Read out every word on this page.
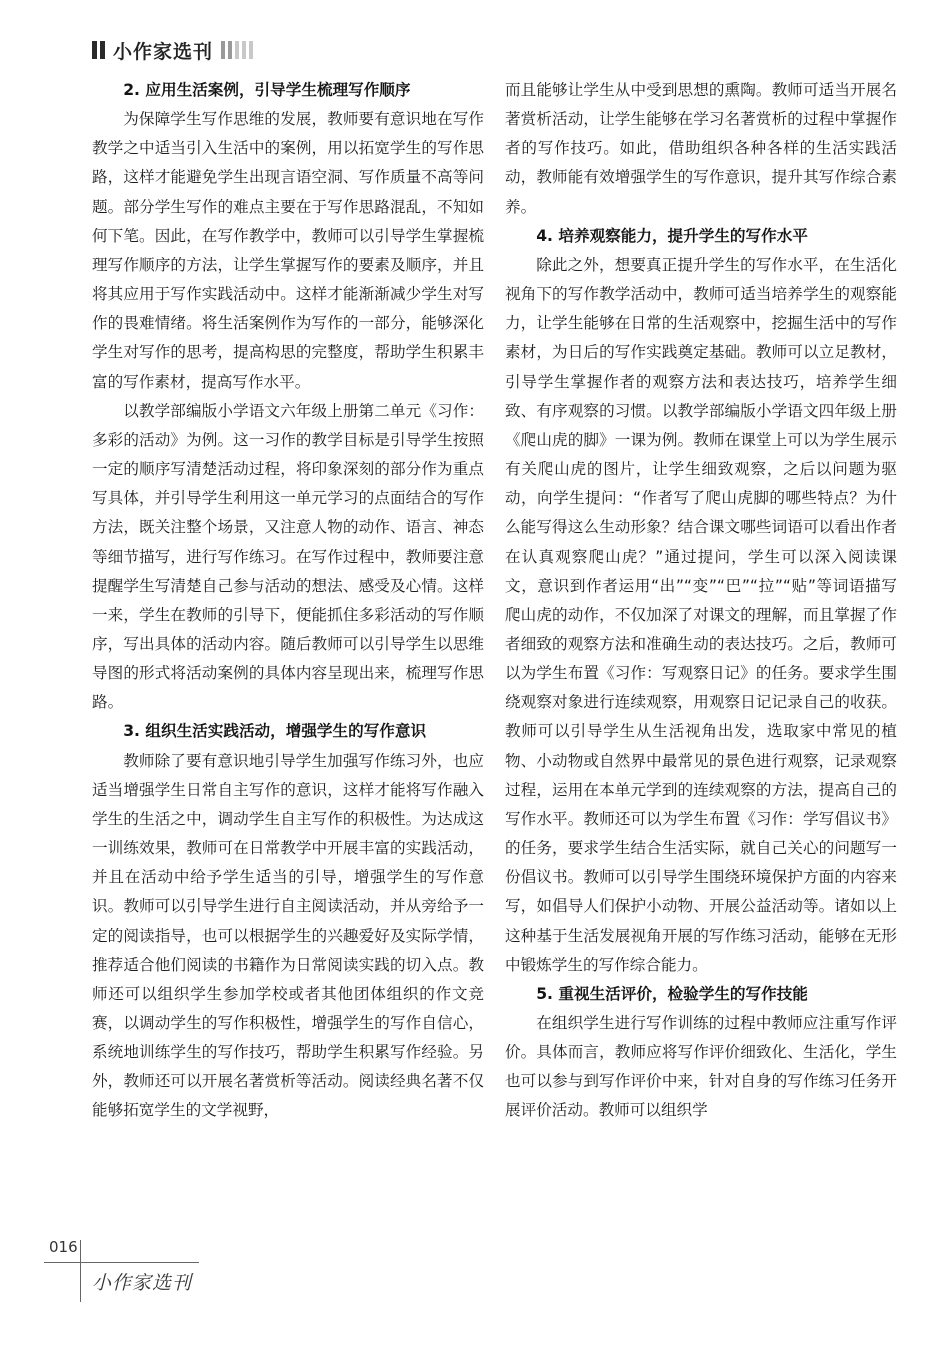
小作家选刊
2. 应用生活案例，引导学生梳理写作顺序

为保障学生写作思维的发展，教师要有意识地在写作教学之中适当引入生活中的案例，用以拓宽学生的写作思路，这样才能避免学生出现言语空洞、写作质量不高等问题。部分学生写作的难点主要在于写作思路混乱，不知如何下笔。因此，在写作教学中，教师可以引导学生掌握梳理写作顺序的方法，让学生掌握写作的要素及顺序，并且将其应用于写作实践活动中。这样才能渐渐减少学生对写作的畏难情绪。将生活案例作为写作的一部分，能够深化学生对写作的思考，提高构思的完整度，帮助学生积累丰富的写作素材，提高写作水平。

以教学部编版小学语文六年级上册第二单元《习作：多彩的活动》为例。这一习作的教学目标是引导学生按照一定的顺序写清楚活动过程，将印象深刻的部分作为重点写具体，并引导学生利用这一单元学习的点面结合的写作方法，既关注整个场景，又注意人物的动作、语言、神态等细节描写，进行写作练习。在写作过程中，教师要注意提醒学生写清楚自己参与活动的想法、感受及心情。这样一来，学生在教师的引导下，便能抓住多彩活动的写作顺序，写出具体的活动内容。随后教师可以引导学生以思维导图的形式将活动案例的具体内容呈现出来，梳理写作思路。

3. 组织生活实践活动，增强学生的写作意识

教师除了要有意识地引导学生加强写作练习外，也应适当增强学生日常自主写作的意识，这样才能将写作融入学生的生活之中，调动学生自主写作的积极性。为达成这一训练效果，教师可在日常教学中开展丰富的实践活动，并且在活动中给予学生适当的引导，增强学生的写作意识。教师可以引导学生进行自主阅读活动，并从旁给予一定的阅读指导，也可以根据学生的兴趣爱好及实际学情，推荐适合他们阅读的书籍作为日常阅读实践的切入点。教师还可以组织学生参加学校或者其他团体组织的作文竞赛，以调动学生的写作积极性，增强学生的写作自信心，系统地训练学生的写作技巧，帮助学生积累写作经验。另外，教师还可以开展名著赏析等活动。阅读经典名著不仅能够拓宽学生的文学视野，

而且能够让学生从中受到思想的熏陶。教师可适当开展名著赏析活动，让学生能够在学习名著赏析的过程中掌握作者的写作技巧。如此，借助组织各种各样的生活实践活动，教师能有效增强学生的写作意识，提升其写作综合素养。

4. 培养观察能力，提升学生的写作水平

除此之外，想要真正提升学生的写作水平，在生活化视角下的写作教学活动中，教师可适当培养学生的观察能力，让学生能够在日常的生活观察中，挖掘生活中的写作素材，为日后的写作实践奠定基础。教师可以立足教材，引导学生掌握作者的观察方法和表达技巧，培养学生细致、有序观察的习惯。以教学部编版小学语文四年级上册《爬山虎的脚》一课为例。教师在课堂上可以为学生展示有关爬山虎的图片，让学生细致观察，之后以问题为驱动，向学生提问：“作者写了爬山虎脚的哪些特点？为什么能写得这么生动形象？结合课文哪些词语可以看出作者在认真观察爬山虎？”通过提问，学生可以深入阅读课文，意识到作者运用“出”“变”“巴”“拉”“贴”等词语描写爬山虎的动作，不仅加深了对课文的理解，而且掌握了作者细致的观察方法和准确生动的表达技巧。之后，教师可以为学生布置《习作：写观察日记》的任务。要求学生围绕观察对象进行连续观察，用观察日记记录自己的收获。教师可以引导学生从生活视角出发，选取家中常见的植物、小动物或自然界中最常见的景色进行观察，记录观察过程，运用在本单元学到的连续观察的方法，提高自己的写作水平。教师还可以为学生布置《习作：学写倡议书》的任务，要求学生结合生活实际，就自己关心的问题写一份倡议书。教师可以引导学生围绕环境保护方面的内容来写，如倡导人们保护小动物、开展公益活动等。诸如以上这种基于生活发展视角开展的写作练习活动，能够在无形中锻炼学生的写作综合能力。

5. 重视生活评价，检验学生的写作技能

在组织学生进行写作训练的过程中教师应注重写作评价。具体而言，教师应将写作评价细致化、生活化，学生也可以参与到写作评价中来，针对自身的写作练习任务开展评价活动。教师可以组织学

016
小作家选刊
